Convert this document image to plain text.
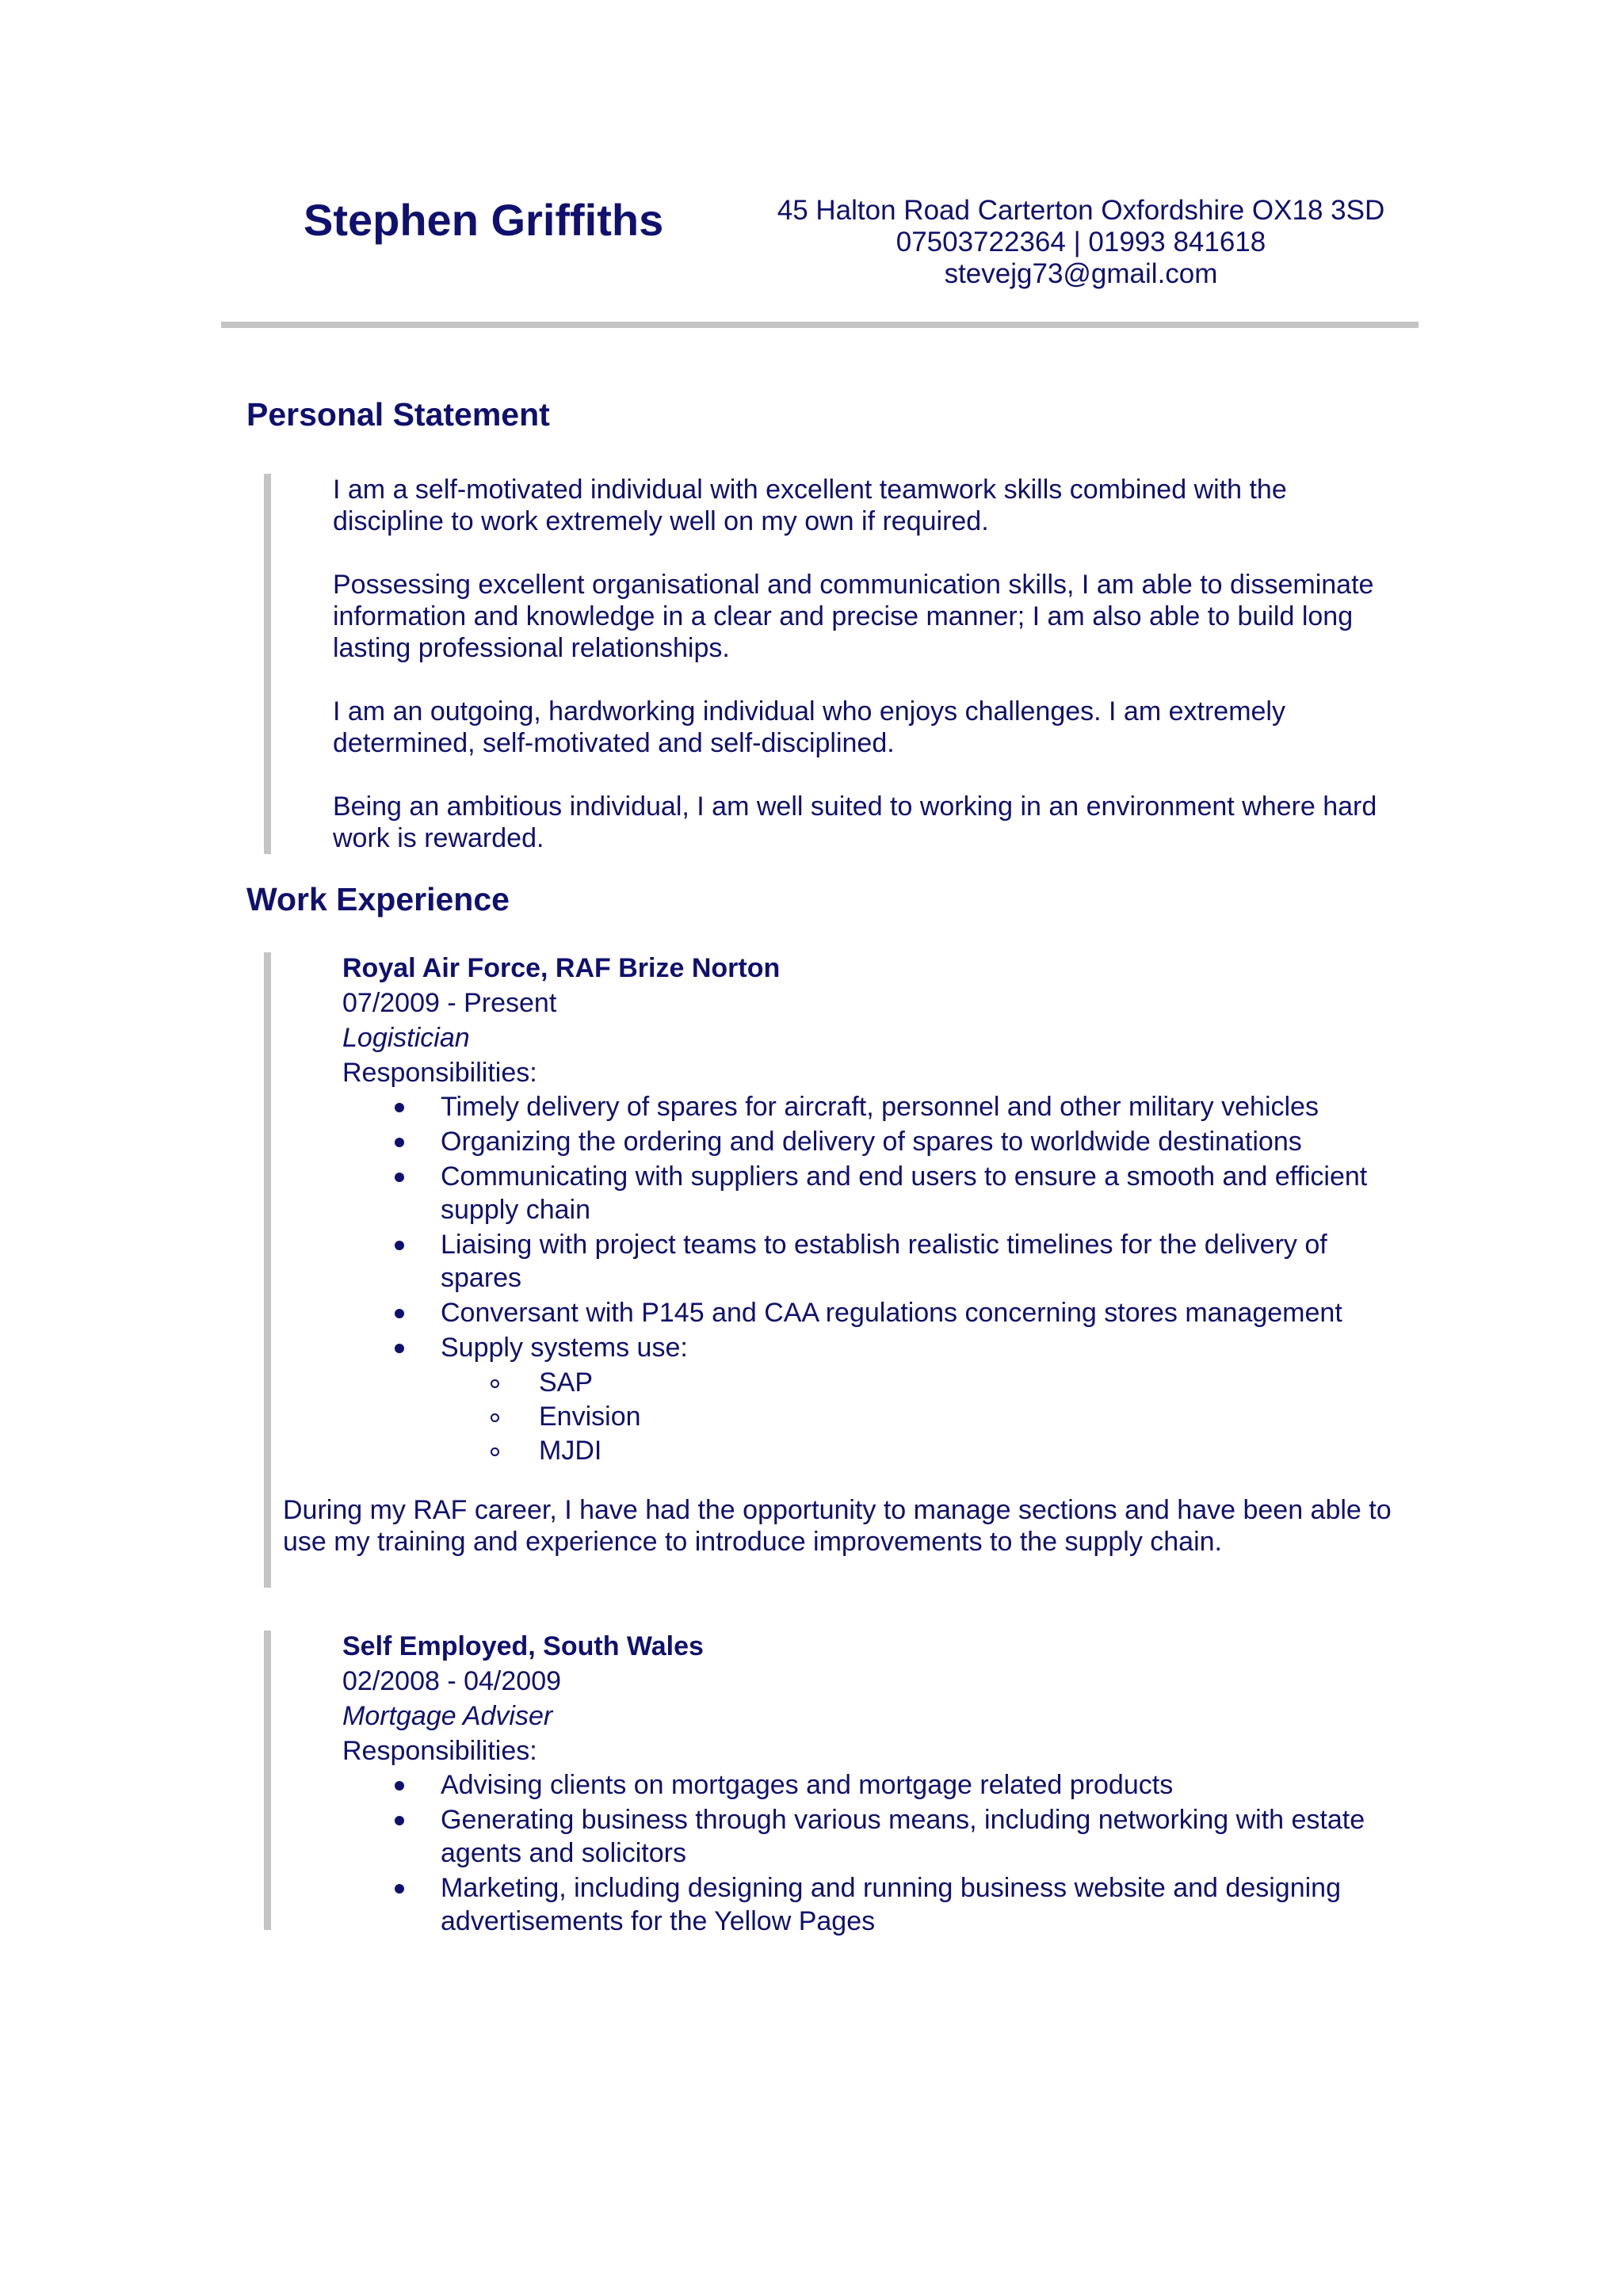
Stephen Griffiths	45 Halton Road Carterton Oxfordshire OX18 3SD
07503722364 | 01993 841618
stevejg73@gmail.com
Personal Statement

I am a self-motivated individual with excellent teamwork skills combined with the discipline to work extremely well on my own if required.

Possessing excellent organisational and communication skills, I am able to disseminate information and knowledge in a clear and precise manner; I am also able to build long lasting professional relationships.

I am an outgoing, hardworking individual who enjoys challenges. I am extremely determined, self-motivated and self-disciplined.

Being an ambitious individual, I am well suited to working in an environment where hard work is rewarded.

Work Experience
Royal Air Force, RAF Brize Norton
07/2009 - Present
Logistician
Responsibilities:
Timely delivery of spares for aircraft, personnel and other military vehicles
Organizing the ordering and delivery of spares to worldwide destinations
Communicating with suppliers and end users to ensure a smooth and efficient supply chain
Liaising with project teams to establish realistic timelines for the delivery of spares
Conversant with P145 and CAA regulations concerning stores management
Supply systems use:
SAP
Envision
MJDI
During my RAF career, I have had the opportunity to manage sections and have been able to use my training and experience to introduce improvements to the supply chain.
Self Employed, South Wales
02/2008 - 04/2009
Mortgage Adviser
Responsibilities:
Advising clients on mortgages and mortgage related products
Generating business through various means, including networking with estate agents and solicitors
Marketing, including designing and running business website and designing advertisements for the Yellow Pages
